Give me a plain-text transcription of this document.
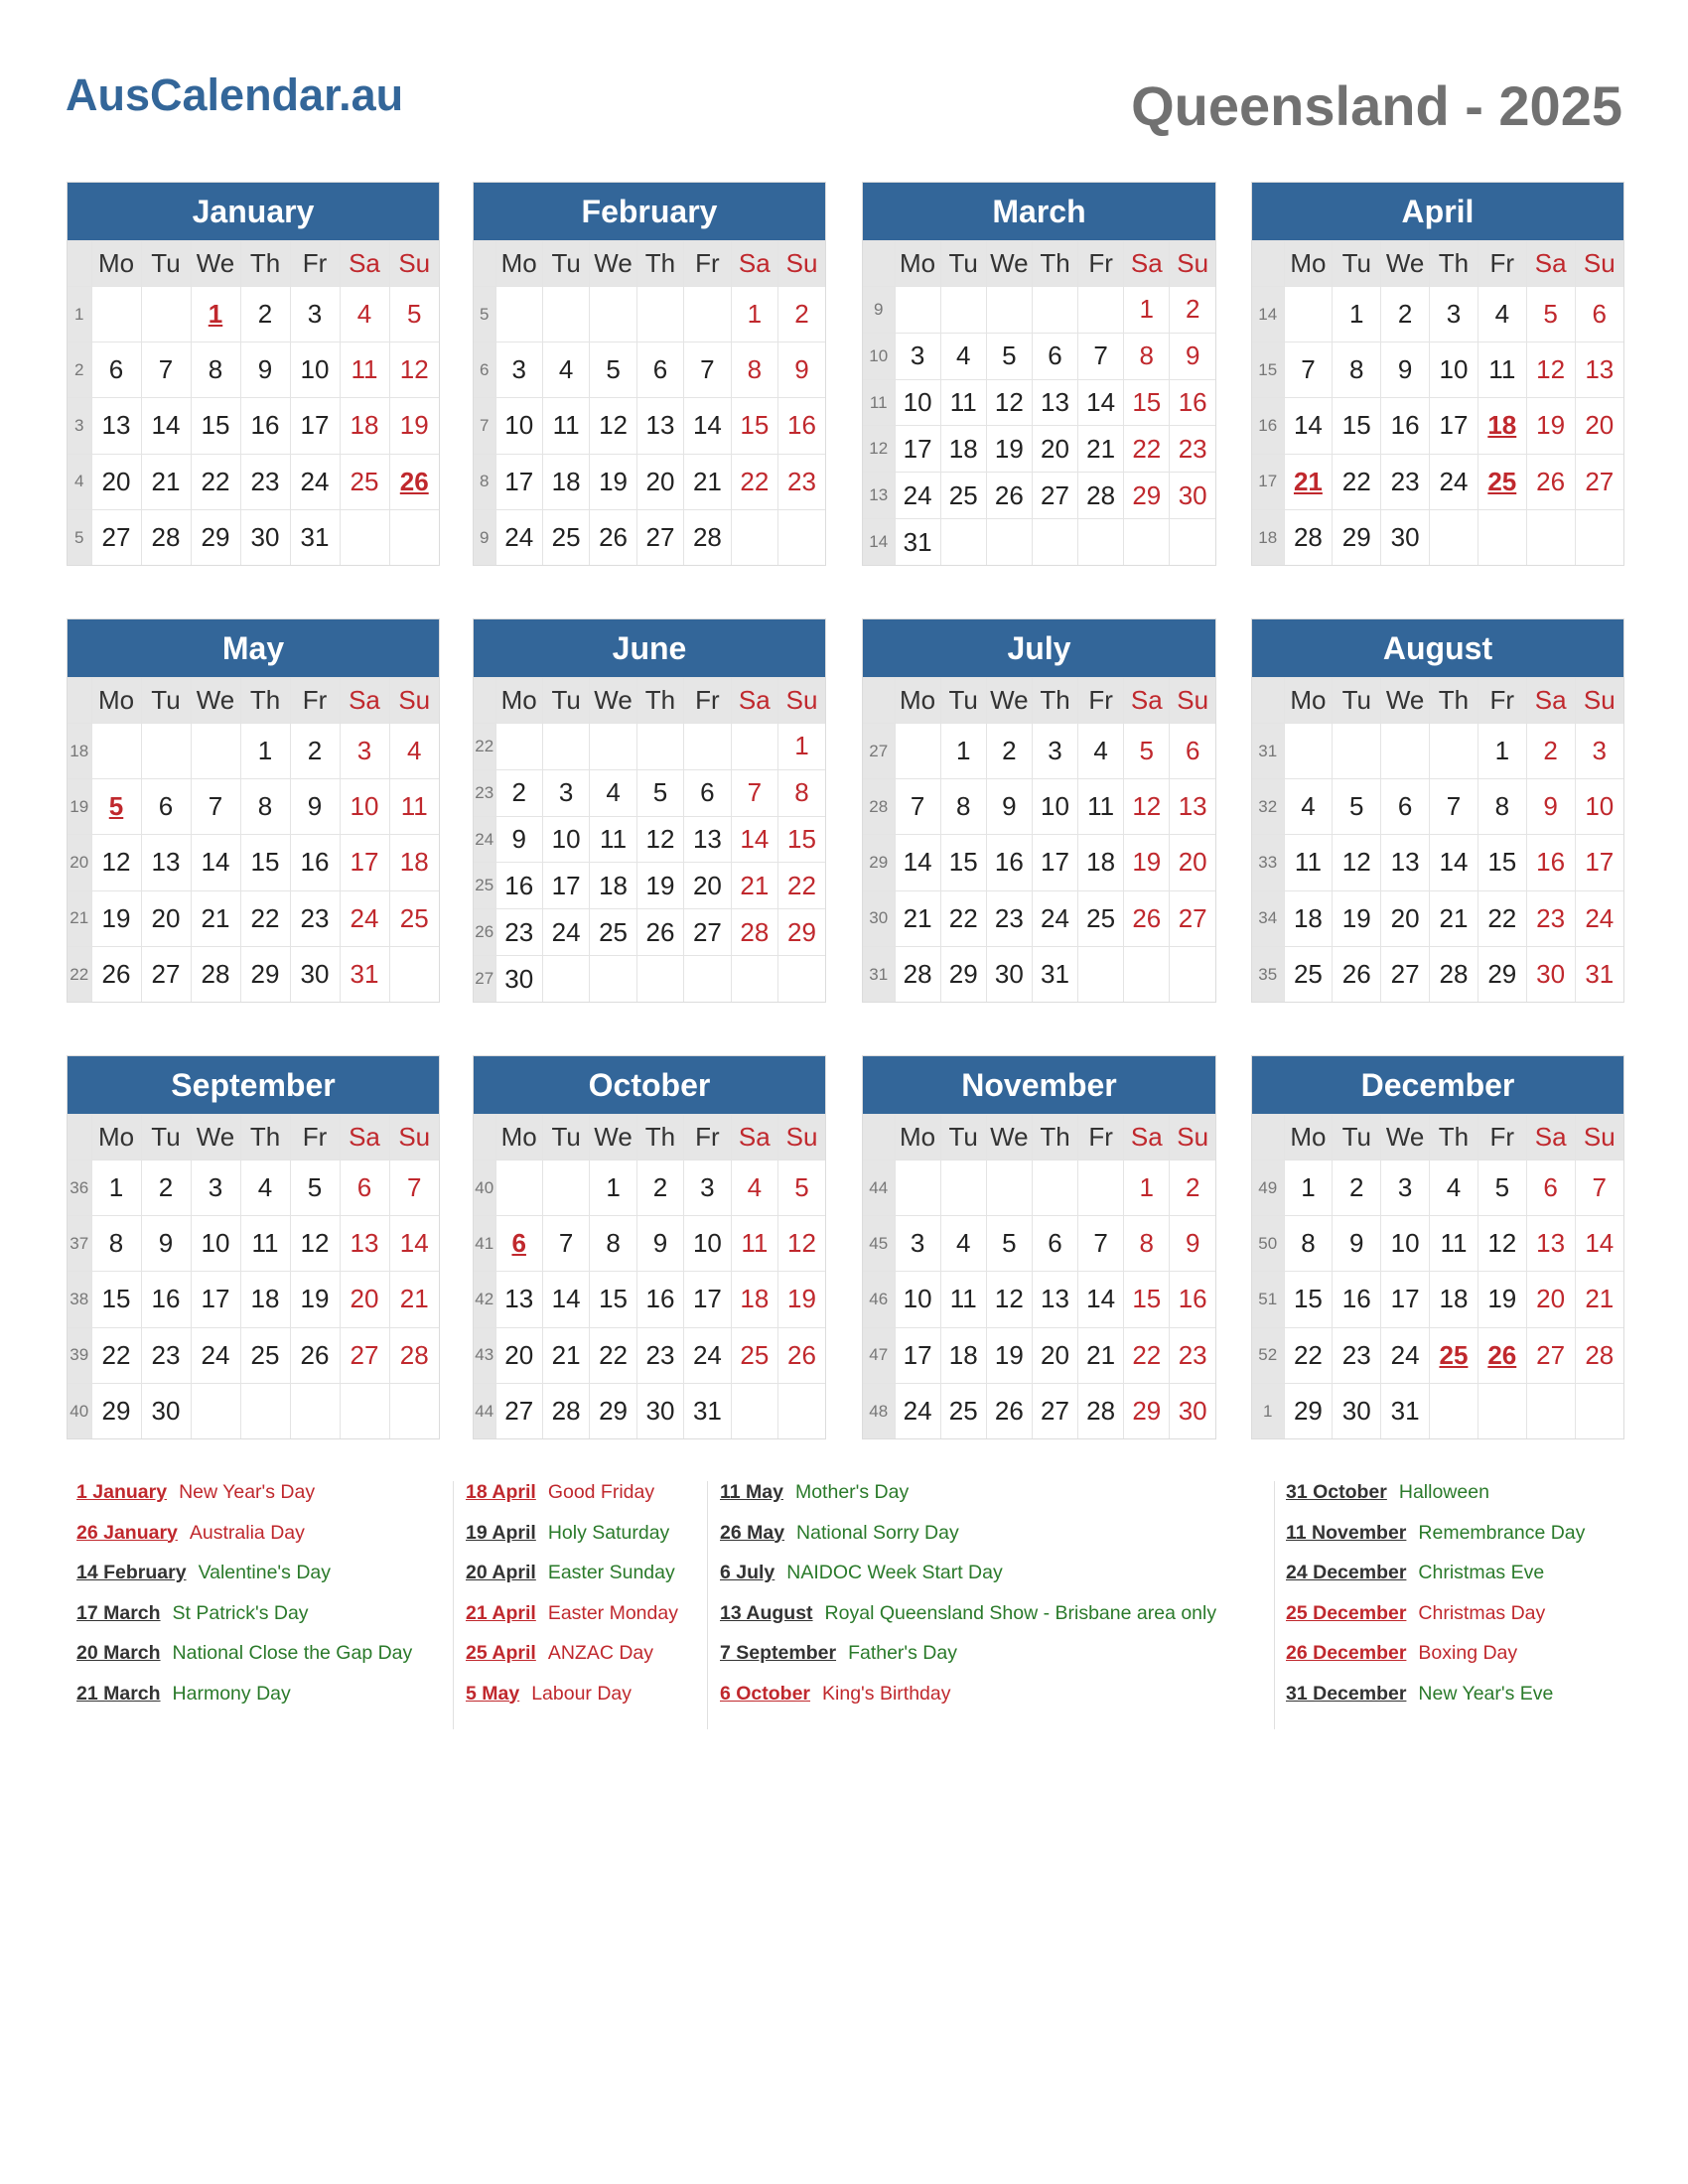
AusCalendar.au	Queensland - 2025
January
	Mo	Tu	We	Th	Fr	Sa	Su
1			1	2	3	4	5
2	6	7	8	9	10	11	12
3	13	14	15	16	17	18	19
4	20	21	22	23	24	25	26
5	27	28	29	30	31		
February
	Mo	Tu	We	Th	Fr	Sa	Su
5						1	2
6	3	4	5	6	7	8	9
7	10	11	12	13	14	15	16
8	17	18	19	20	21	22	23
9	24	25	26	27	28		
March
	Mo	Tu	We	Th	Fr	Sa	Su
9						1	2
10	3	4	5	6	7	8	9
11	10	11	12	13	14	15	16
12	17	18	19	20	21	22	23
13	24	25	26	27	28	29	30
14	31						
April
	Mo	Tu	We	Th	Fr	Sa	Su
14		1	2	3	4	5	6
15	7	8	9	10	11	12	13
16	14	15	16	17	18	19	20
17	21	22	23	24	25	26	27
18	28	29	30				
May
	Mo	Tu	We	Th	Fr	Sa	Su
18				1	2	3	4
19	5	6	7	8	9	10	11
20	12	13	14	15	16	17	18
21	19	20	21	22	23	24	25
22	26	27	28	29	30	31	
June
	Mo	Tu	We	Th	Fr	Sa	Su
22							1
23	2	3	4	5	6	7	8
24	9	10	11	12	13	14	15
25	16	17	18	19	20	21	22
26	23	24	25	26	27	28	29
27	30						
July
	Mo	Tu	We	Th	Fr	Sa	Su
27		1	2	3	4	5	6
28	7	8	9	10	11	12	13
29	14	15	16	17	18	19	20
30	21	22	23	24	25	26	27
31	28	29	30	31			
August
	Mo	Tu	We	Th	Fr	Sa	Su
31					1	2	3
32	4	5	6	7	8	9	10
33	11	12	13	14	15	16	17
34	18	19	20	21	22	23	24
35	25	26	27	28	29	30	31
September
	Mo	Tu	We	Th	Fr	Sa	Su
36	1	2	3	4	5	6	7
37	8	9	10	11	12	13	14
38	15	16	17	18	19	20	21
39	22	23	24	25	26	27	28
40	29	30					
October
	Mo	Tu	We	Th	Fr	Sa	Su
40			1	2	3	4	5
41	6	7	8	9	10	11	12
42	13	14	15	16	17	18	19
43	20	21	22	23	24	25	26
44	27	28	29	30	31		
November
	Mo	Tu	We	Th	Fr	Sa	Su
44						1	2
45	3	4	5	6	7	8	9
46	10	11	12	13	14	15	16
47	17	18	19	20	21	22	23
48	24	25	26	27	28	29	30
December
	Mo	Tu	We	Th	Fr	Sa	Su
49	1	2	3	4	5	6	7
50	8	9	10	11	12	13	14
51	15	16	17	18	19	20	21
52	22	23	24	25	26	27	28
1	29	30	31				
1 January New Year's Day
26 January Australia Day
14 February Valentine's Day
17 March St Patrick's Day
20 March National Close the Gap Day
21 March Harmony Day
18 April Good Friday
19 April Holy Saturday
20 April Easter Sunday
21 April Easter Monday
25 April ANZAC Day
5 May Labour Day
11 May Mother's Day
26 May National Sorry Day
6 July NAIDOC Week Start Day
13 August Royal Queensland Show - Brisbane area only
7 September Father's Day
6 October King's Birthday
31 October Halloween
11 November Remembrance Day
24 December Christmas Eve
25 December Christmas Day
26 December Boxing Day
31 December New Year's Eve
